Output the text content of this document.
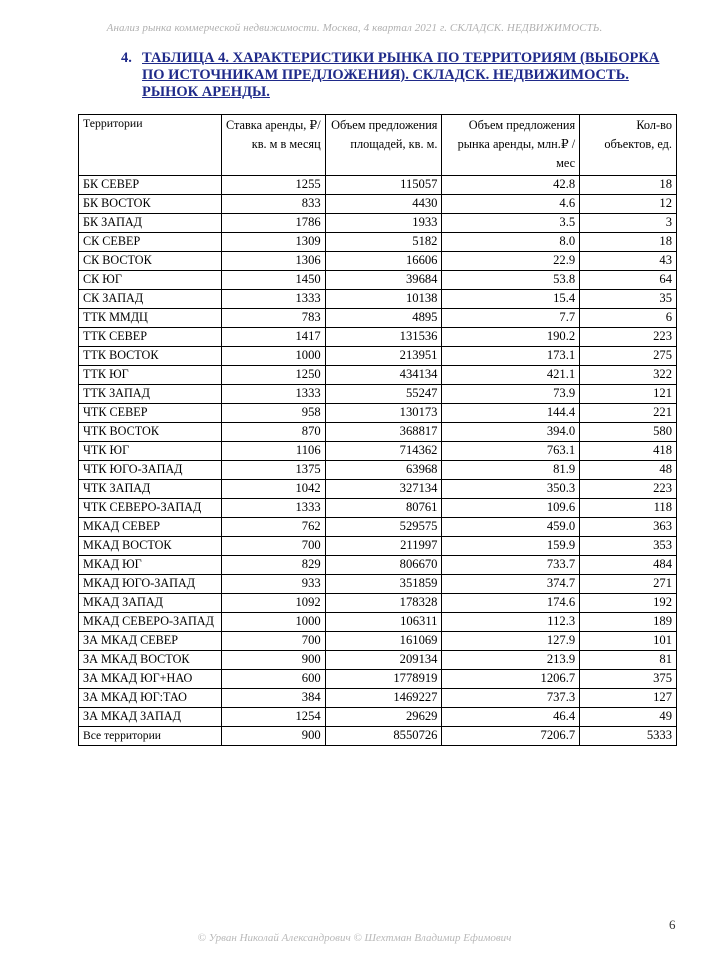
Анализ рынка коммерческой недвижимости. Москва, 4 квартал 2021 г. СКЛАДСК. НЕДВИЖИМОСТЬ.
4. ТАБЛИЦА 4. ХАРАКТЕРИСТИКИ РЫНКА ПО ТЕРРИТОРИЯМ (ВЫБОРКА ПО ИСТОЧНИКАМ ПРЕДЛОЖЕНИЯ). СКЛАДСК. НЕДВИЖИМОСТЬ. РЫНОК АРЕНДЫ.
Территории	Ставка аренды, ₽/кв. м в месяц	Объем предложения площадей, кв. м.	Объем предложения рынка аренды, млн.₽ /мес	Кол-во объектов, ед.
БК СЕВЕР	1255	115057	42.8	18
БК ВОСТОК	833	4430	4.6	12
БК ЗАПАД	1786	1933	3.5	3
СК СЕВЕР	1309	5182	8.0	18
СК ВОСТОК	1306	16606	22.9	43
СК ЮГ	1450	39684	53.8	64
СК ЗАПАД	1333	10138	15.4	35
ТТК ММДЦ	783	4895	7.7	6
ТТК СЕВЕР	1417	131536	190.2	223
ТТК ВОСТОК	1000	213951	173.1	275
ТТК ЮГ	1250	434134	421.1	322
ТТК ЗАПАД	1333	55247	73.9	121
ЧТК СЕВЕР	958	130173	144.4	221
ЧТК ВОСТОК	870	368817	394.0	580
ЧТК ЮГ	1106	714362	763.1	418
ЧТК ЮГО-ЗАПАД	1375	63968	81.9	48
ЧТК ЗАПАД	1042	327134	350.3	223
ЧТК СЕВЕРО-ЗАПАД	1333	80761	109.6	118
МКАД СЕВЕР	762	529575	459.0	363
МКАД ВОСТОК	700	211997	159.9	353
МКАД ЮГ	829	806670	733.7	484
МКАД ЮГО-ЗАПАД	933	351859	374.7	271
МКАД ЗАПАД	1092	178328	174.6	192
МКАД СЕВЕРО-ЗАПАД	1000	106311	112.3	189
ЗА МКАД СЕВЕР	700	161069	127.9	101
ЗА МКАД ВОСТОК	900	209134	213.9	81
ЗА МКАД ЮГ+НАО	600	1778919	1206.7	375
ЗА МКАД ЮГ:ТАО	384	1469227	737.3	127
ЗА МКАД ЗАПАД	1254	29629	46.4	49
Все территории	900	8550726	7206.7	5333
6
© Урван Николай Александрович © Шехтман Владимир Ефимович
